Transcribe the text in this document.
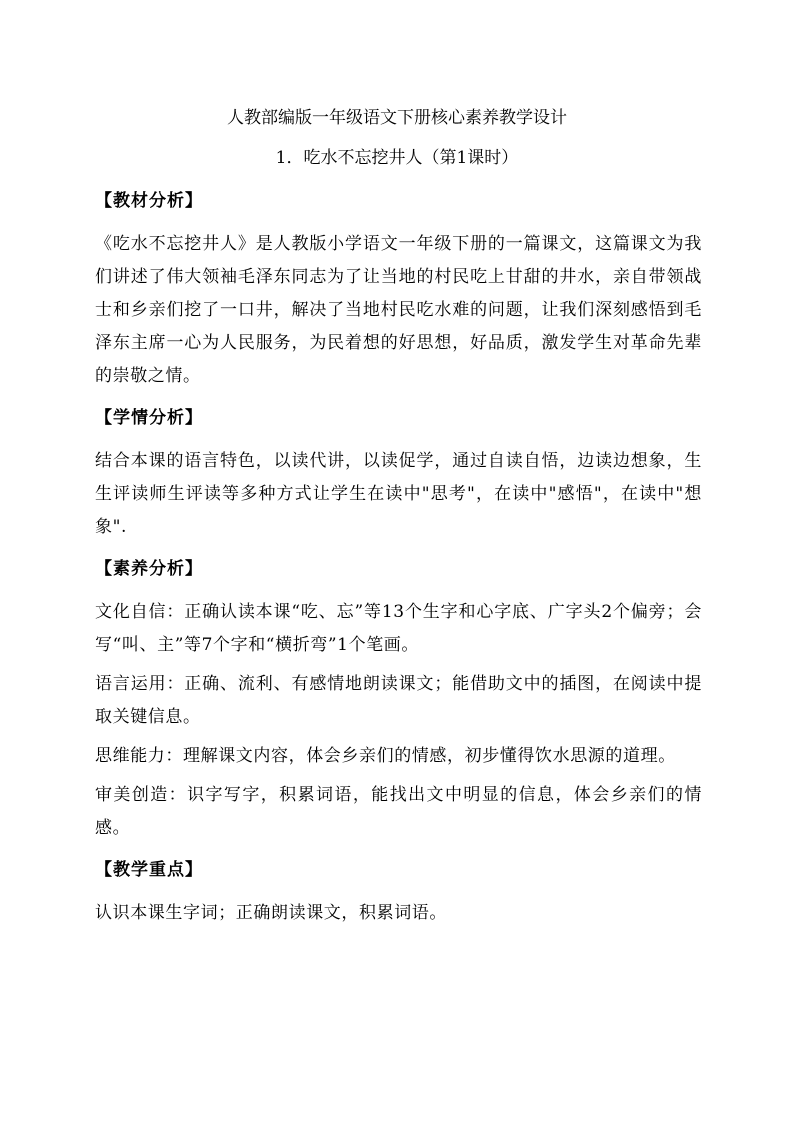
人教部编版一年级语文下册核心素养教学设计

1．吃水不忘挖井人（第1课时）

【教材分析】

《吃水不忘挖井人》是人教版小学语文一年级下册的一篇课文，这篇课文为我们讲述了伟大领袖毛泽东同志为了让当地的村民吃上甘甜的井水，亲自带领战士和乡亲们挖了一口井，解决了当地村民吃水难的问题，让我们深刻感悟到毛泽东主席一心为人民服务，为民着想的好思想，好品质，激发学生对革命先辈的崇敬之情。

【学情分析】

结合本课的语言特色，以读代讲，以读促学，通过自读自悟，边读边想象，生生评读师生评读等多种方式让学生在读中"思考"，在读中"感悟"，在读中"想象".

【素养分析】

文化自信：正确认读本课“吃、忘”等13个生字和心字底、广字头2个偏旁；会写“叫、主”等7个字和“横折弯”1个笔画。

语言运用：正确、流利、有感情地朗读课文；能借助文中的插图，在阅读中提取关键信息。

思维能力：理解课文内容，体会乡亲们的情感，初步懂得饮水思源的道理。

审美创造：识字写字，积累词语，能找出文中明显的信息，体会乡亲们的情感。

【教学重点】

认识本课生字词；正确朗读课文，积累词语。
